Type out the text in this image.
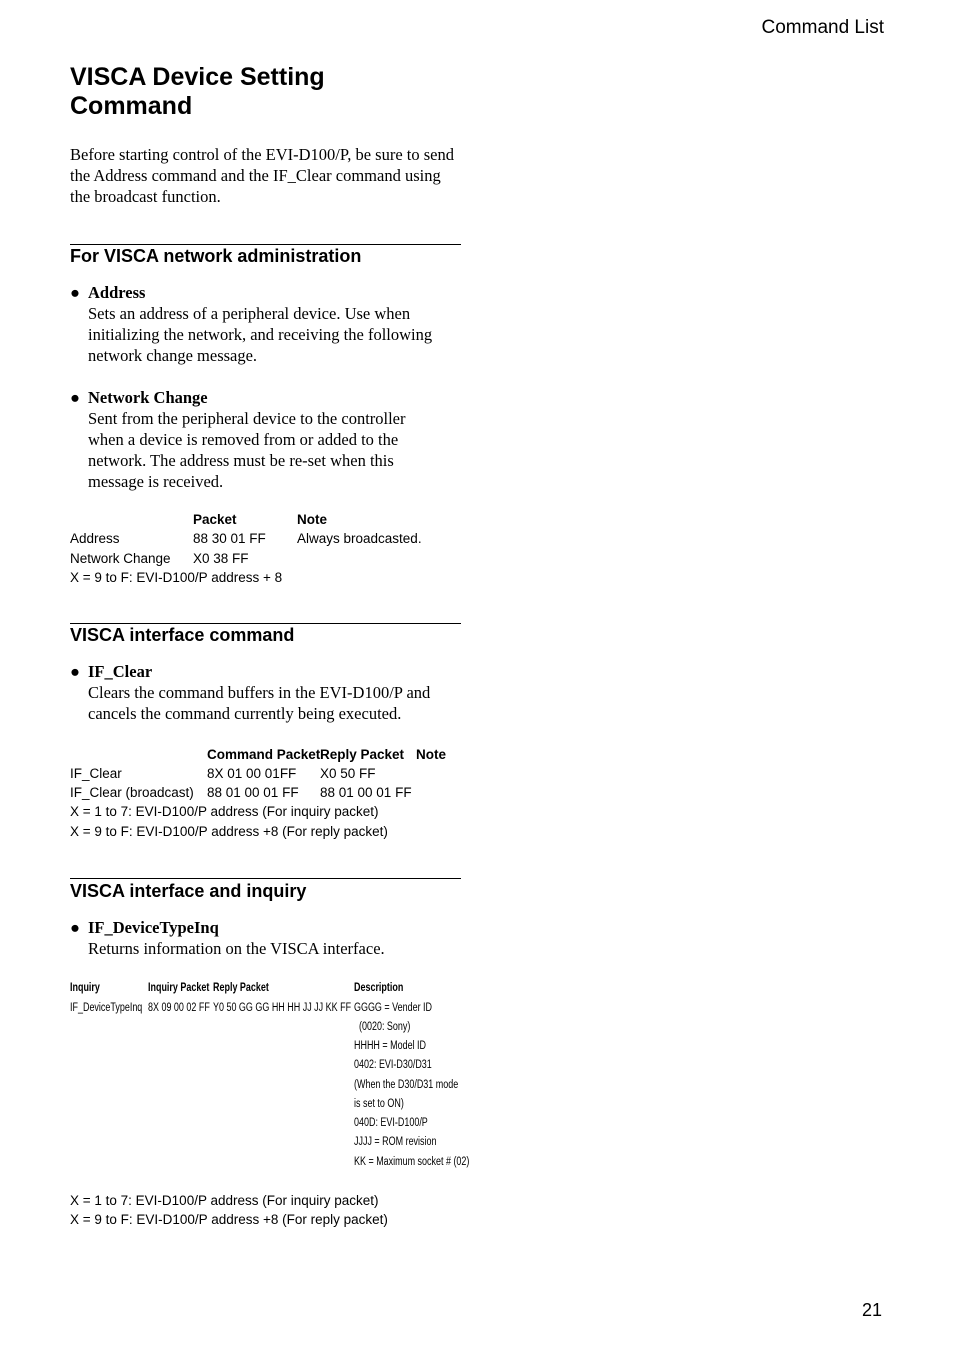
Command List
VISCA Device Setting
Command
Before starting control of the EVI-D100/P, be sure to send the Address command and the IF_Clear command using the broadcast function.
For VISCA network administration
● Address
Sets an address of a peripheral device. Use when initializing the network, and receiving the following network change message.
● Network Change
Sent from the peripheral device to the controller when a device is removed from or added to the network. The address must be re-set when this message is received.
Packet	Note
Address	88 30 01 FF Always broadcasted.
Network Change X0 38 FF
X = 9 to F: EVI-D100/P address + 8
VISCA interface command
● IF_Clear
Clears the command buffers in the EVI-D100/P and cancels the command currently being executed.
Command Packet Reply Packet Note
IF_Clear	8X 01 00 01FF X0 50 FF
IF_Clear (broadcast) 88 01 00 01 FF 88 01 00 01 FF
X = 1 to 7: EVI-D100/P address (For inquiry packet)
X = 9 to F: EVI-D100/P address +8 (For reply packet)
VISCA interface and inquiry
● IF_DeviceTypeInq
Returns information on the VISCA interface.
Inquiry	Inquiry Packet Reply Packet	Description
IF_DeviceTypeInq 8X 09 00 02 FF Y0 50 GG GG HH HH JJ JJ KK FF GGGG = Vender ID
(0020: Sony)
HHHH = Model ID
0402: EVI-D30/D31
(When the D30/D31 mode
is set to ON)
040D: EVI-D100/P
JJJJ = ROM revision
KK = Maximum socket # (02)
X = 1 to 7: EVI-D100/P address (For inquiry packet)
X = 9 to F: EVI-D100/P address +8 (For reply packet)
21
